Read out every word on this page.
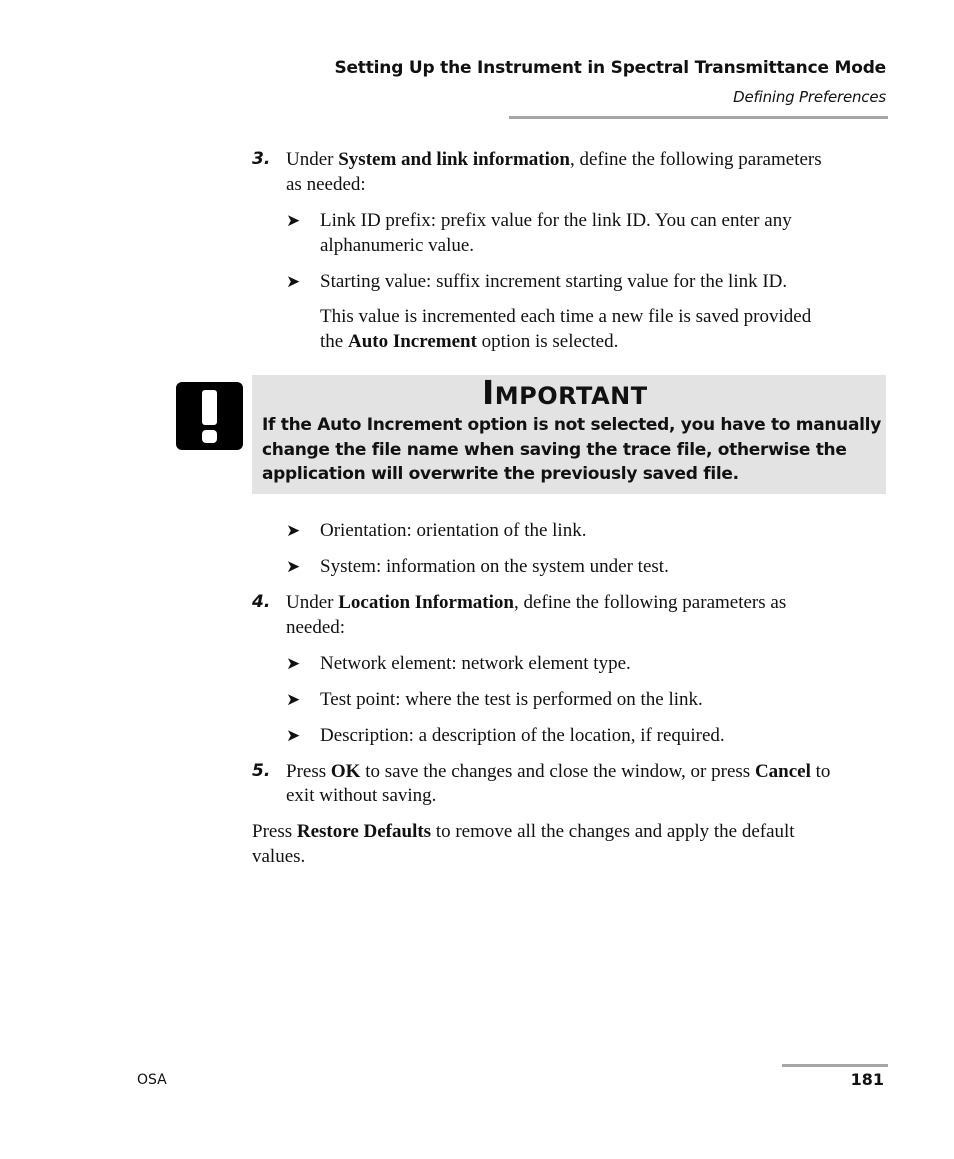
Setting Up the Instrument in Spectral Transmittance Mode
Defining Preferences
3. Under System and link information, define the following parameters
as needed:
➤ Link ID prefix: prefix value for the link ID. You can enter any
alphanumeric value.
➤ Starting value: suffix increment starting value for the link ID.
This value is incremented each time a new file is saved provided
the Auto Increment option is selected.
IMPORTANT
If the Auto Increment option is not selected, you have to manually
change the file name when saving the trace file, otherwise the
application will overwrite the previously saved file.
➤ Orientation: orientation of the link.
➤ System: information on the system under test.
4. Under Location Information, define the following parameters as
needed:
➤ Network element: network element type.
➤ Test point: where the test is performed on the link.
➤ Description: a description of the location, if required.
5. Press OK to save the changes and close the window, or press Cancel to
exit without saving.
Press Restore Defaults to remove all the changes and apply the default
values.
OSA	181
